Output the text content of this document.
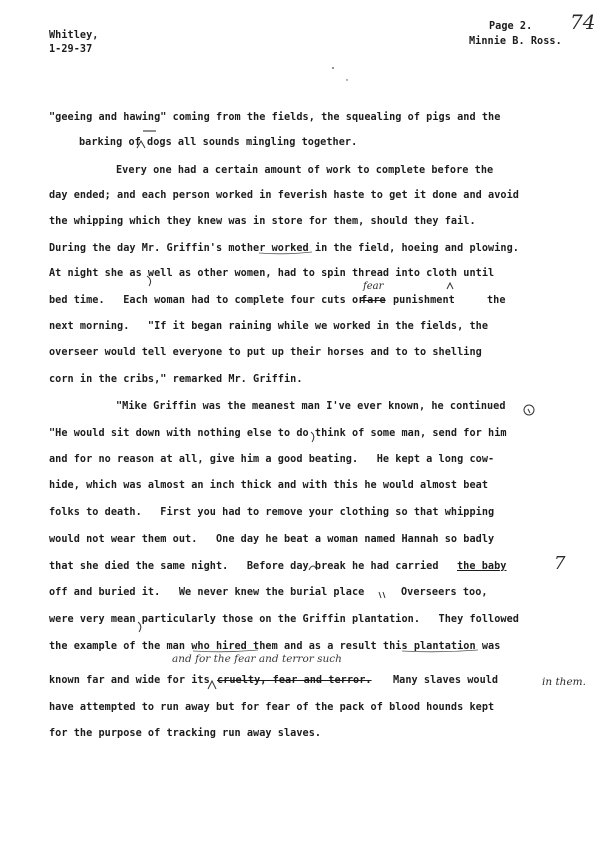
Whitley,
1-29-37
Page 2.
Minnie B. Ross.
74
"geeing and hawing" coming from the fields, the squealing of pigs and the
barking of dogs all sounds mingling together.
Every one had a certain amount of work to complete before the
day ended; and each person worked in feverish haste to get it done and avoid
the whipping which they knew was in store for them, should they fail.
During the day Mr. Griffin's mother worked in the field, hoeing and plowing.
At night she as well as other women, had to spin thread into cloth until
bed time.   Each woman had to complete four cuts or
fare punishment	the
fear
next morning.   "If it began raining while we worked in the fields, the
overseer would tell everyone to put up their horses and to to shelling
corn in the cribs," remarked Mr. Griffin.
"Mike Griffin was the meanest man I've ever known, he continued
"He would sit down with nothing else to do think of some man, send for him
and for no reason at all, give him a good beating.   He kept a long cow-
hide, which was almost an inch thick and with this he would almost beat
folks to death.   First you had to remove your clothing so that whipping
would not wear them out.   One day he beat a woman named Hannah so badly
that she died the same night.   Before day break he had carried the baby	7
off and buried it.   We never knew the burial place	Overseers too,
were very mean particularly those on the Griffin plantation.   They followed
the example of the man who hired them and as a result this plantation was
and for the fear and terror such
in them.
known far and wide for its cruelty, fear and terror. Many slaves would
have attempted to run away but for fear of the pack of blood hounds kept
for the purpose of tracking run away slaves.
